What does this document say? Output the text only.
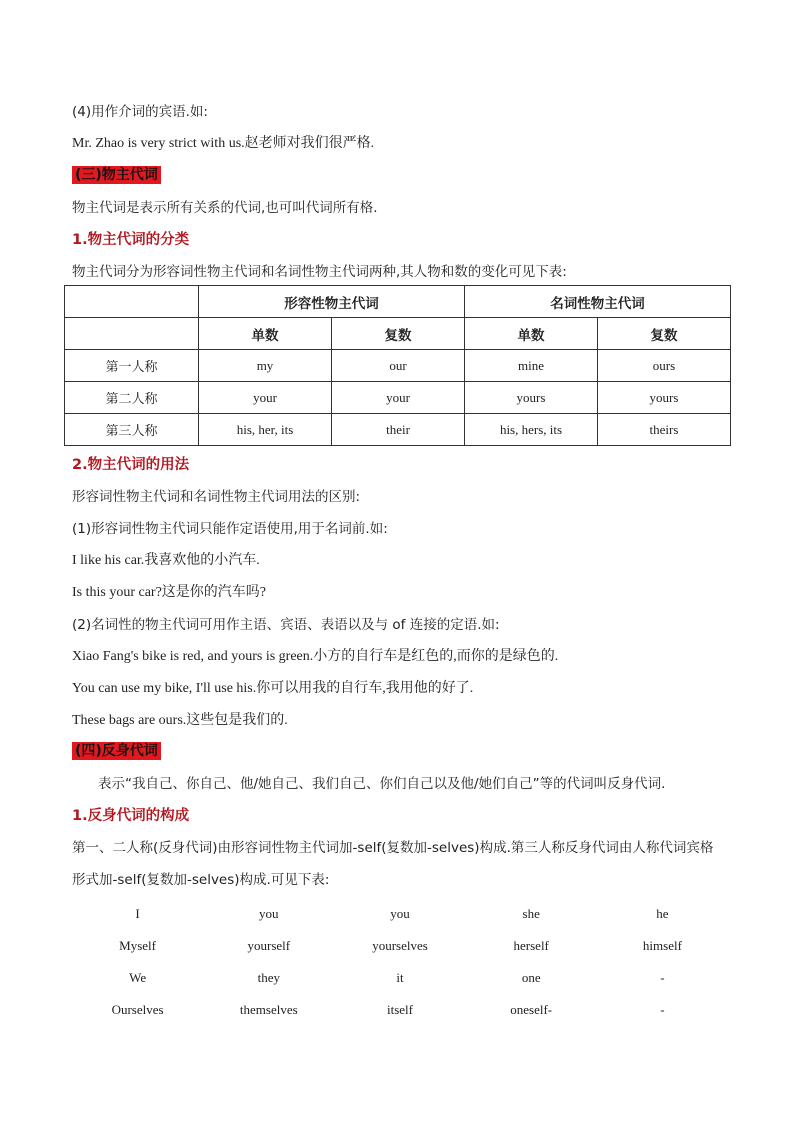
(4)用作介词的宾语.如:
Mr. Zhao is very strict with us.赵老师对我们很严格.
(三)物主代词
物主代词是表示所有关系的代词,也可叫代词所有格.
1.物主代词的分类
物主代词分为形容词性物主代词和名词性物主代词两种,其人物和数的变化可见下表:
	形容性物主代词		名词性物主代词	
	单数	复数	单数	复数
第一人称	my	our	mine	ours
第二人称	your	your	yours	yours
第三人称	his, her, its	their	his, hers, its	theirs
2.物主代词的用法
形容词性物主代词和名词性物主代词用法的区别:
(1)形容词性物主代词只能作定语使用,用于名词前.如:
I like his car.我喜欢他的小汽车.
Is this your car?这是你的汽车吗?
(2)名词性的物主代词可用作主语、宾语、表语以及与 of 连接的定语.如:
Xiao Fang's bike is red, and yours is green.小方的自行车是红色的,而你的是绿色的.
You can use my bike, I'll use his.你可以用我的自行车,我用他的好了.
These bags are ours.这些包是我们的.
(四)反身代词
表示“我自己、你自己、他/她自己、我们自己、你们自己以及他/她们自己”等的代词叫反身代词.
1.反身代词的构成
第一、二人称(反身代词)由形容词性物主代词加-self(复数加-selves)构成.第三人称反身代词由人称代词宾格
形式加-self(复数加-selves)构成.可见下表:
I	you	you	she	he
Myself	yourself	yourselves	herself	himself
We	they	it	one	-
Ourselves	themselves	itself	oneself-	-
